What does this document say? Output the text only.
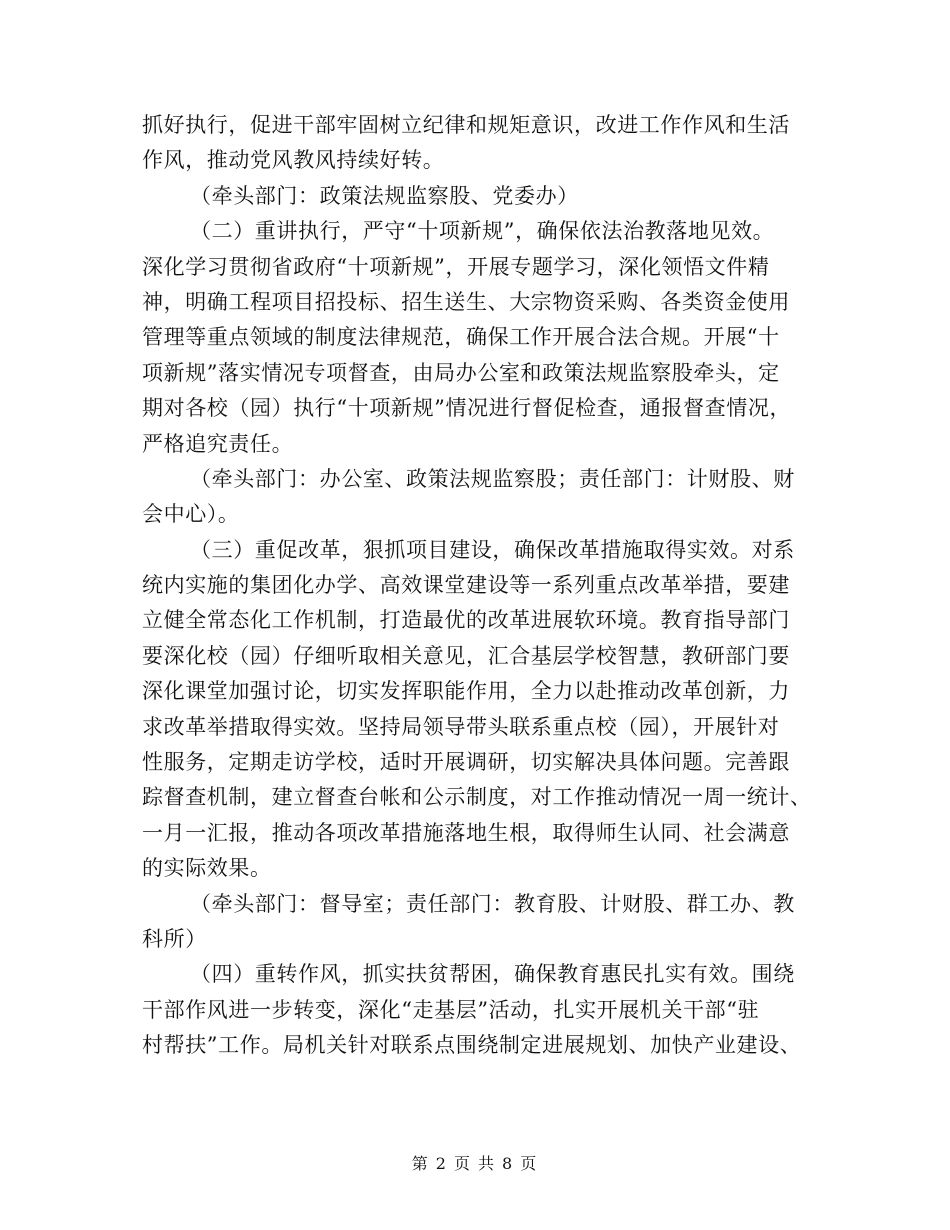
抓好执行，促进干部牢固树立纪律和规矩意识，改进工作作风和生活
作风，推动党风教风持续好转。
（牵头部门：政策法规监察股、党委办）
（二）重讲执行，严守“十项新规”，确保依法治教落地见效。
深化学习贯彻省政府“十项新规”，开展专题学习，深化领悟文件精
神，明确工程项目招投标、招生送生、大宗物资采购、各类资金使用
管理等重点领域的制度法律规范，确保工作开展合法合规。开展“十
项新规”落实情况专项督查，由局办公室和政策法规监察股牵头，定
期对各校（园）执行“十项新规”情况进行督促检查，通报督查情况，
严格追究责任。
（牵头部门：办公室、政策法规监察股；责任部门：计财股、财
会中心）。
（三）重促改革，狠抓项目建设，确保改革措施取得实效。对系
统内实施的集团化办学、高效课堂建设等一系列重点改革举措，要建
立健全常态化工作机制，打造最优的改革进展软环境。教育指导部门
要深化校（园）仔细听取相关意见，汇合基层学校智慧，教研部门要
深化课堂加强讨论，切实发挥职能作用，全力以赴推动改革创新，力
求改革举措取得实效。坚持局领导带头联系重点校（园），开展针对
性服务，定期走访学校，适时开展调研，切实解决具体问题。完善跟
踪督查机制，建立督查台帐和公示制度，对工作推动情况一周一统计、
一月一汇报，推动各项改革措施落地生根，取得师生认同、社会满意
的实际效果。
（牵头部门：督导室；责任部门：教育股、计财股、群工办、教
科所）
（四）重转作风，抓实扶贫帮困，确保教育惠民扎实有效。围绕
干部作风进一步转变，深化“走基层”活动，扎实开展机关干部“驻
村帮扶”工作。局机关针对联系点围绕制定进展规划、加快产业建设、
第 2 页 共 8 页
